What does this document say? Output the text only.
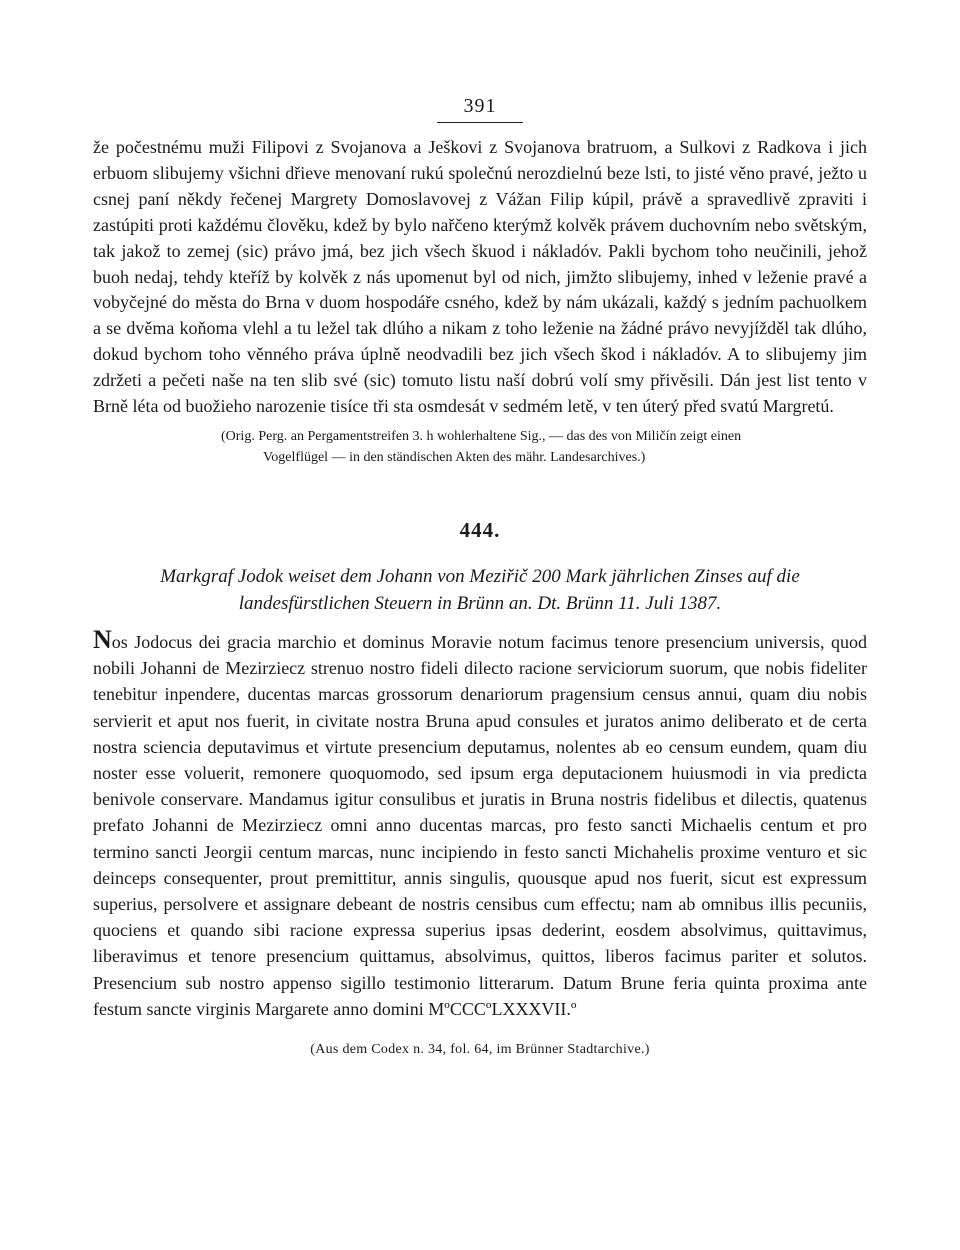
391

že počestnému muži Filipovi z Svojanova a Ješkovi z Svojanova bratruom, a Sulkovi z Radkova i jich erbuom slibujemy všichni dřieve menovaní rukú společnú nerozdielnú beze lsti, to jisté věno pravé, ježto u csnej paní někdy řečenej Margrety Domoslavovej z Vážan Filip kúpil, právě a spravedlivě zpraviti i zastúpiti proti každému člověku, kdež by bylo nařčeno kterýmž kolvěk právem duchovním nebo světským, tak jakož to zemej (sic) právo jmá, bez jich všech škuod i nákladóv. Pakli bychom toho neučinili, jehož buoh nedaj, tehdy kteříž by kolvěk z nás upomenut byl od nich, jimžto slibujemy, inhed v leženie pravé a vobyčejné do města do Brna v duom hospodáře csného, kdež by nám ukázali, každý s jedním pachuolkem a se dvěma koňoma vlehl a tu ležel tak dlúho a nikam z toho leženie na žádné právo nevyjížděl tak dlúho, dokud bychom toho věnného práva úplně neodvadili bez jich všech škod i nákladóv. A to slibujemy jim zdržeti a pečeti naše na ten slib své (sic) tomuto listu naší dobrú volí smy přivěsili. Dán jest list tento v Brně léta od buožieho narozenie tisíce tři sta osmdesát v sedmém letě, v ten úterý před svatú Margretú.

(Orig. Perg. an Pergamentstreifen 3. h wohlerhaltene Sig., — das des von Miličín zeigt einen
Vogelflügel — in den ständischen Akten des mähr. Landesarchives.)

444.

Markgraf Jodok weiset dem Johann von Meziřič 200 Mark jährlichen Zinses auf die landesfürstlichen Steuern in Brünn an. Dt. Brünn 11. Juli 1387.

Nos Jodocus dei gracia marchio et dominus Moravie notum facimus tenore presencium universis, quod nobili Johanni de Mezirziecz strenuo nostro fideli dilecto racione serviciorum suorum, que nobis fideliter tenebitur inpendere, ducentas marcas grossorum denariorum pragensium census annui, quam diu nobis servierit et aput nos fuerit, in civitate nostra Bruna apud consules et juratos animo deliberato et de certa nostra sciencia deputavimus et virtute presencium deputamus, nolentes ab eo censum eundem, quam diu noster esse voluerit, remonere quoquomodo, sed ipsum erga deputacionem huiusmodi in via predicta benivole conservare. Mandamus igitur consulibus et juratis in Bruna nostris fidelibus et dilectis, quatenus prefato Johanni de Mezirziecz omni anno ducentas marcas, pro festo sancti Michaelis centum et pro termino sancti Jeorgii centum marcas, nunc incipiendo in festo sancti Michahelis proxime venturo et sic deinceps consequenter, prout premittitur, annis singulis, quousque apud nos fuerit, sicut est expressum superius, persolvere et assignare debeant de nostris censibus cum effectu; nam ab omnibus illis pecuniis, quociens et quando sibi racione expressa superius ipsas dederint, eosdem absolvimus, quittavimus, liberavimus et tenore presencium quittamus, absolvimus, quittos, liberos facimus pariter et solutos. Presencium sub nostro appenso sigillo testimonio litterarum. Datum Brune feria quinta proxima ante festum sancte virginis Margarete anno domini MºCCCºLXXXVII.º

(Aus dem Codex n. 34, fol. 64, im Brünner Stadtarchive.)
